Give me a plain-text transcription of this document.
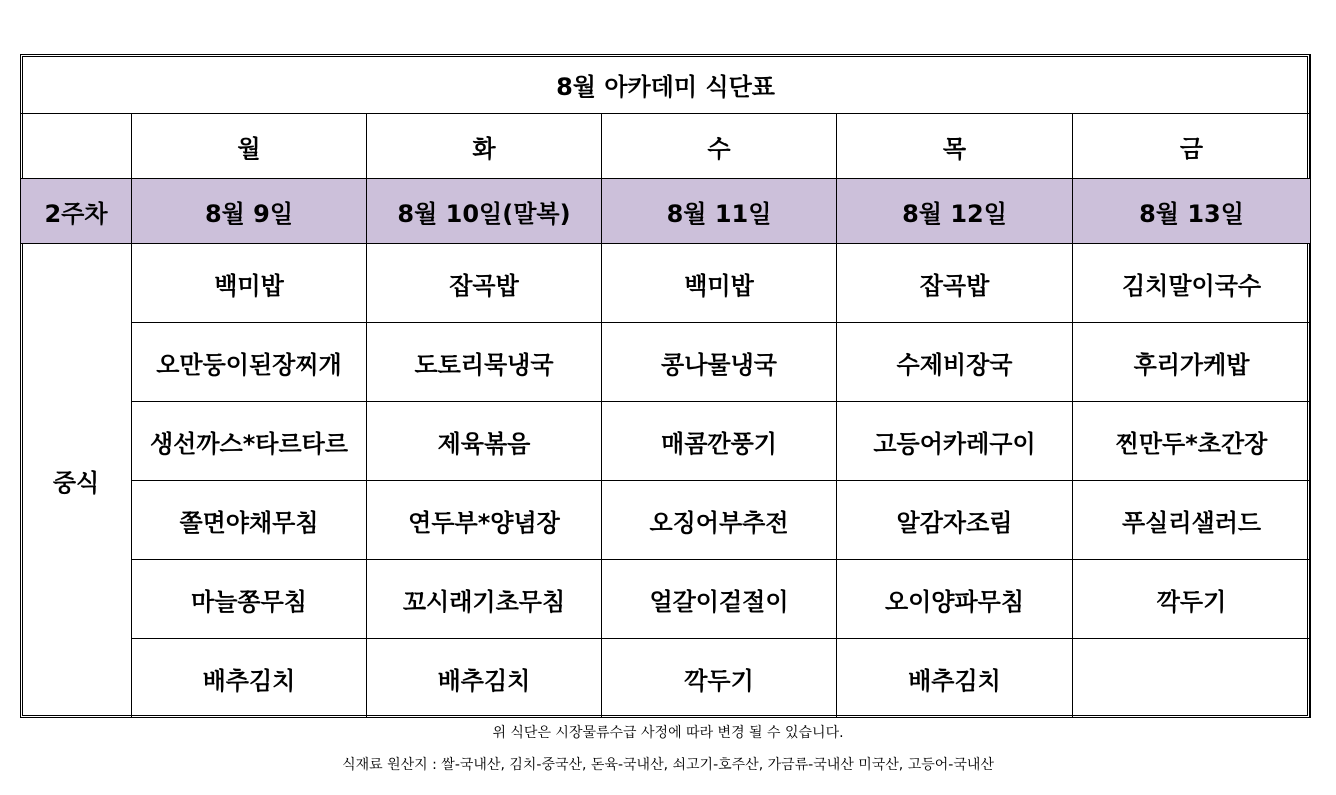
8월 아카데미 식단표					
	월	화	수	목	금
2주차	8월 9일	8월 10일(말복)	8월 11일	8월 12일	8월 13일
중식	백미밥	잡곡밥	백미밥	잡곡밥	김치말이국수
	오만둥이된장찌개	도토리묵냉국	콩나물냉국	수제비장국	후리가케밥
	생선까스*타르타르	제육볶음	매콤깐풍기	고등어카레구이	찐만두*초간장
	쫄면야채무침	연두부*양념장	오징어부추전	알감자조림	푸실리샐러드
	마늘쫑무침	꼬시래기초무침	얼갈이겉절이	오이양파무침	깍두기
	배추김치	배추김치	깍두기	배추김치	
위 식단은 시장물류수급 사정에 따라 변경 될 수 있습니다.
식재료 원산지 : 쌀-국내산, 김치-중국산, 돈육-국내산, 쇠고기-호주산, 가금류-국내산 미국산, 고등어-국내산
